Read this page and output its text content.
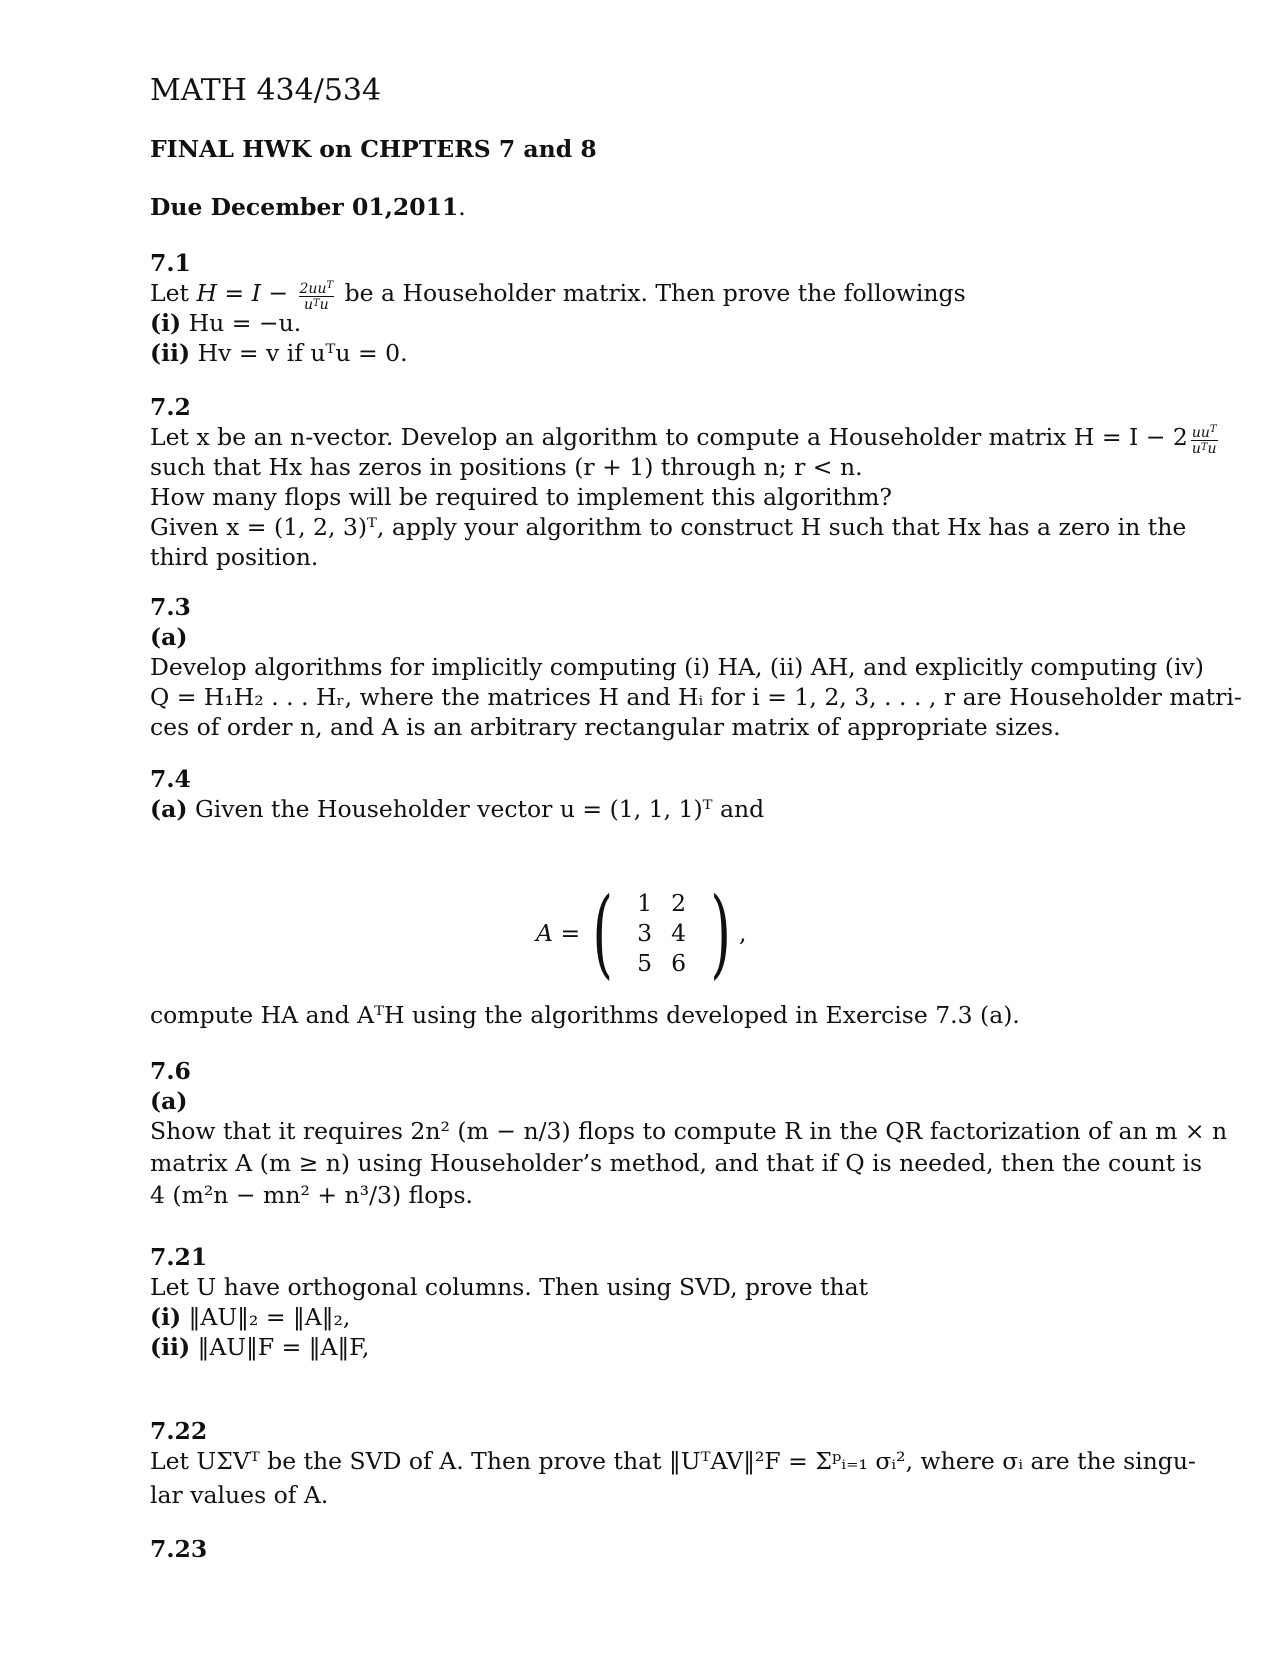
MATH 434/534
FINAL HWK on CHPTERS 7 and 8
Due December 01,2011.
7.1
Let $H = I - \frac{2uu^T}{u^Tu}$ be a Householder matrix. Then prove the followings
(i) Hu = −u.
(ii) Hv = v if uᵀu = 0.
7.2
Let x be an n-vector. Develop an algorithm to compute a Householder matrix $H = I - 2 \frac{uu^T}{u^Tu}$
such that Hx has zeros in positions (r + 1) through n; r < n.
How many flops will be required to implement this algorithm?
Given x = (1, 2, 3)ᵀ, apply your algorithm to construct H such that Hx has a zero in the
third position.
7.3
(a)
Develop algorithms for implicitly computing (i) HA, (ii) AH, and explicitly computing (iv)
Q = H₁H₂ . . . Hᵣ, where the matrices H and Hᵢ for i = 1, 2, 3, . . . , r are Householder matri-
ces of order n, and A is an arbitrary rectangular matrix of appropriate sizes.
7.4
(a) Given the Householder vector u = (1, 1, 1)ᵀ and
A = (	1 2
3 4
5 6 ) ,
compute HA and AᵀH using the algorithms developed in Exercise 7.3 (a).
7.6
(a)
Show that it requires 2n² (m − n/3) flops to compute R in the QR factorization of an m × n
matrix A (m ≥ n) using Householder’s method, and that if Q is needed, then the count is
4 (m²n − mn² + n³/3) flops.
7.21
Let U have orthogonal columns. Then using SVD, prove that
(i) ‖AU‖₂ = ‖A‖₂,
(ii) ‖AU‖F = ‖A‖F,
7.22
Let UΣVᵀ be the SVD of A. Then prove that ‖UᵀAV‖²F = Σᵖᵢ₌₁ σᵢ², where σᵢ are the singu-
lar values of A.
7.23
